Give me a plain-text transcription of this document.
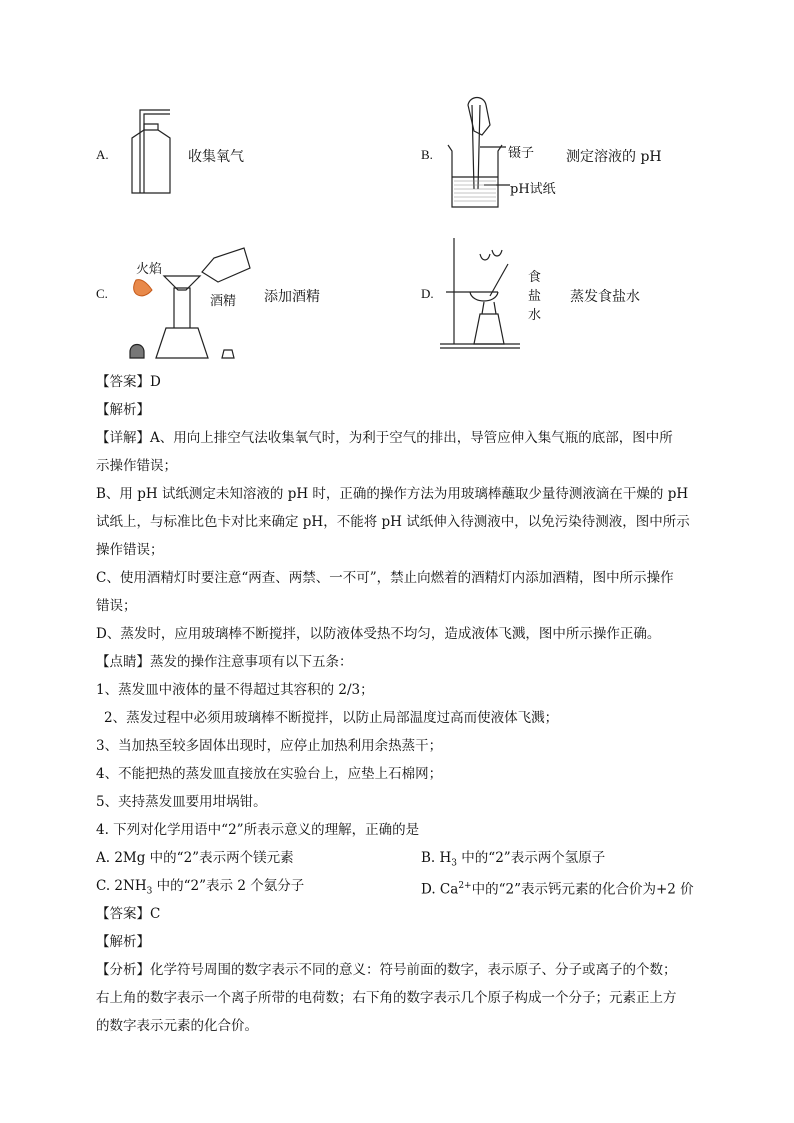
A.	收集氧气	B.	镊子
pH试纸
测定溶液的 pH
C.
火焰
酒精 添加酒精	D.
食
盐
水
蒸发食盐水
【答案】D
【解析】
【详解】A、用向上排空气法收集氧气时，为利于空气的排出，导管应伸入集气瓶的底部，图中所
示操作错误；
B、用 pH 试纸测定未知溶液的 pH 时，正确的操作方法为用玻璃棒蘸取少量待测液滴在干燥的 pH
试纸上，与标准比色卡对比来确定 pH，不能将 pH 试纸伸入待测液中，以免污染待测液，图中所示
操作错误；
C、使用酒精灯时要注意“两查、两禁、一不可”，禁止向燃着的酒精灯内添加酒精，图中所示操作
错误；
D、蒸发时，应用玻璃棒不断搅拌，以防液体受热不均匀，造成液体飞溅，图中所示操作正确。
【点睛】蒸发的操作注意事项有以下五条：
1、蒸发皿中液体的量不得超过其容积的 2/3；
2、蒸发过程中必须用玻璃棒不断搅拌，以防止局部温度过高而使液体飞溅；
3、当加热至较多固体出现时，应停止加热利用余热蒸干；
4、不能把热的蒸发皿直接放在实验台上，应垫上石棉网；
5、夹持蒸发皿要用坩埚钳。
4. 下列对化学用语中“2”所表示意义的理解，正确的是
A. 2Mg 中的“2”表示两个镁元素	B. $H_3$ 中的“2”表示两个氢原子
C. $2NH_3$ 中的“2”表示 2 个氨分子	D. $Ca^{2+}$中的“2”表示钙元素的化合价为+2 价
【答案】C
【解析】
【分析】化学符号周围的数字表示不同的意义：符号前面的数字，表示原子、分子或离子的个数；
右上角的数字表示一个离子所带的电荷数；右下角的数字表示几个原子构成一个分子；元素正上方
的数字表示元素的化合价。
